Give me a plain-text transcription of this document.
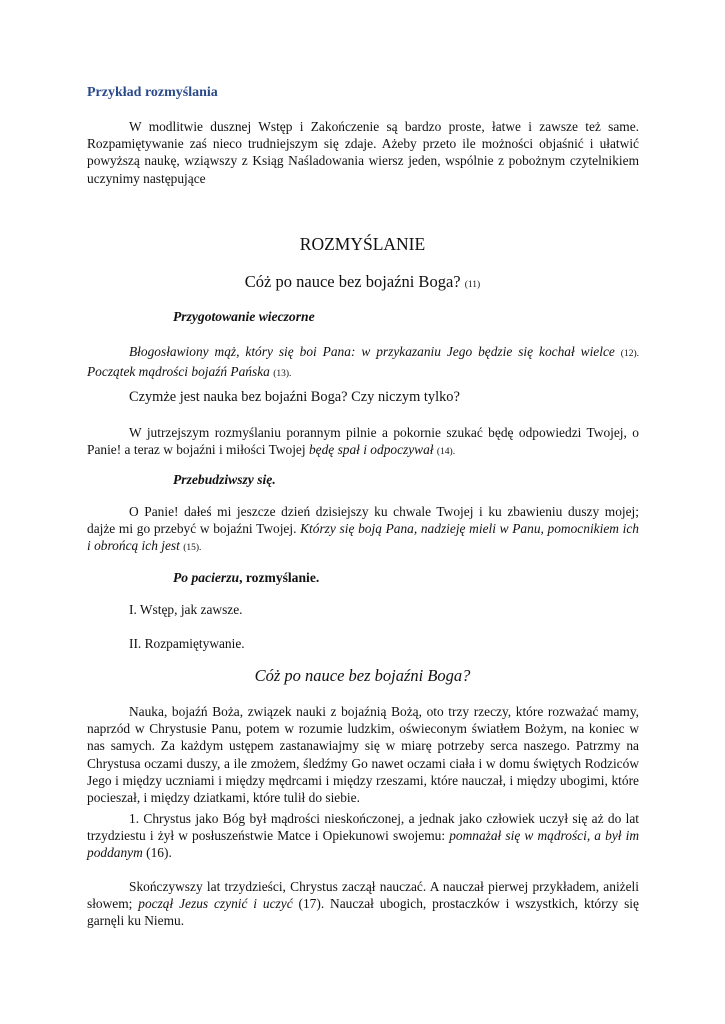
Przykład rozmyślania

W modlitwie dusznej Wstęp i Zakończenie są bardzo proste, łatwe i zawsze też same. Rozpamiętywanie zaś nieco trudniejszym się zdaje. Ażeby przeto ile możności objaśnić i ułatwić powyższą naukę, wziąwszy z Ksiąg Naśladowania wiersz jeden, wspólnie z pobożnym czytelnikiem uczynimy następujące

ROZMYŚLANIE
Cóż po nauce bez bojaźni Boga? (11)
Przygotowanie wieczorne

Błogosławiony mąż, który się boi Pana: w przykazaniu Jego będzie się kochał wielce (12). Początek mądrości bojaźń Pańska (13).

Czymże jest nauka bez bojaźni Boga? Czy niczym tylko?

W jutrzejszym rozmyślaniu porannym pilnie a pokornie szukać będę odpowiedzi Twojej, o Panie! a teraz w bojaźni i miłości Twojej będę spał i odpoczywał (14).

Przebudziwszy się.

O Panie! dałeś mi jeszcze dzień dzisiejszy ku chwale Twojej i ku zbawieniu duszy mojej; dajże mi go przebyć w bojaźni Twojej. Którzy się boją Pana, nadzieję mieli w Panu, pomocnikiem ich i obrońcą ich jest (15).

Po pacierzu, rozmyślanie.
I. Wstęp, jak zawsze.
II. Rozpamiętywanie.
Cóż po nauce bez bojaźni Boga?

Nauka, bojaźń Boża, związek nauki z bojaźnią Bożą, oto trzy rzeczy, które rozważać mamy, naprzód w Chrystusie Panu, potem w rozumie ludzkim, oświeconym światłem Bożym, na koniec w nas samych. Za każdym ustępem zastanawiajmy się w miarę potrzeby serca naszego. Patrzmy na Chrystusa oczami duszy, a ile zmożem, śledźmy Go nawet oczami ciała i w domu świętych Rodziców Jego i między uczniami i między mędrcami i między rzeszami, które nauczał, i między ubogimi, które pocieszał, i między dziatkami, które tulił do siebie.

1. Chrystus jako Bóg był mądrości nieskończonej, a jednak jako człowiek uczył się aż do lat trzydziestu i żył w posłuszeństwie Matce i Opiekunowi swojemu: pomnażał się w mądrości, a był im poddanym (16).

Skończywszy lat trzydzieści, Chrystus zaczął nauczać. A nauczał pierwej przykładem, aniżeli słowem; począł Jezus czynić i uczyć (17). Nauczał ubogich, prostaczków i wszystkich, którzy się garnęli ku Niemu.
